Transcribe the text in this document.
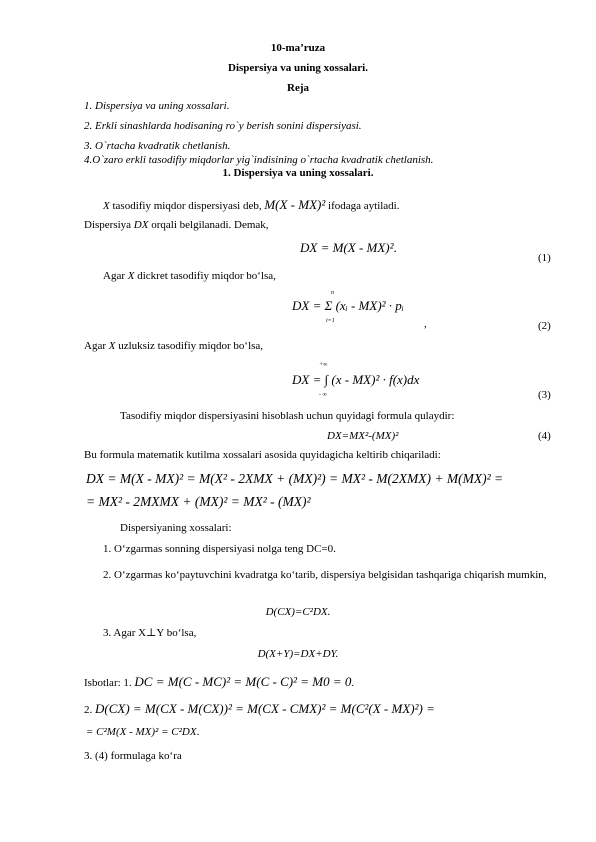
10-ma’ruza
Dispersiya va uning xossalari.
Reja
1. Dispersiya va uning xossalari.
2. Erkli sinashlarda hodisaning ro`y berish sonini dispersiyasi.
3. O`rtacha kvadratik chetlanish.
4.O`zaro erkli tasodifiy miqdorlar yig`indisining o`rtacha kvadratik chetlanish.
1. Dispersiya va uning xossalari.
X tasodifiy miqdor dispersiyasi deb, M(X - MX)² ifodaga aytiladi.
Dispersiya DX orqali belgilanadi. Demak,
DX = M(X - MX)².
(1)
Agar X dickret tasodifiy miqdor bo‘lsa,
n
DX = Σ (xᵢ - MX)² · pᵢ
i=1	,	(2)
Agar X uzluksiz tasodifiy miqdor bo‘lsa,
+∞
DX = ∫ (x - MX)² · f(x)dx
- ∞	(3)
Tasodifiy miqdor dispersiyasini hisoblash uchun quyidagi formula qulaydir:
DX=MX²-(MX)²	(4)
Bu formula matematik kutilma xossalari asosida quyidagicha keltirib chiqariladi:
DX = M(X - MX)² = M(X² - 2XMX + (MX)²) = MX² - M(2XMX) + M(MX)² =
= MX² - 2MXMX + (MX)² = MX² - (MX)²
Dispersiyaning xossalari:
1. O‘zgarmas sonning dispersiyasi nolga teng DC=0.
2. O‘zgarmas ko‘paytuvchini kvadratga ko‘tarib, dispersiya belgisidan tashqariga chiqarish mumkin,
D(CX)=C²DX.
3. Agar X⊥Y bo‘lsa,
D(X+Y)=DX+DY.
Isbotlar: 1. DC = M(C - MC)² = M(C - C)² = M0 = 0.
2. D(CX) = M(CX - M(CX))² = M(CX - CMX)² = M(C²(X - MX)²) =
= C²M(X - MX)² = C²DX.
3. (4) formulaga ko‘ra
